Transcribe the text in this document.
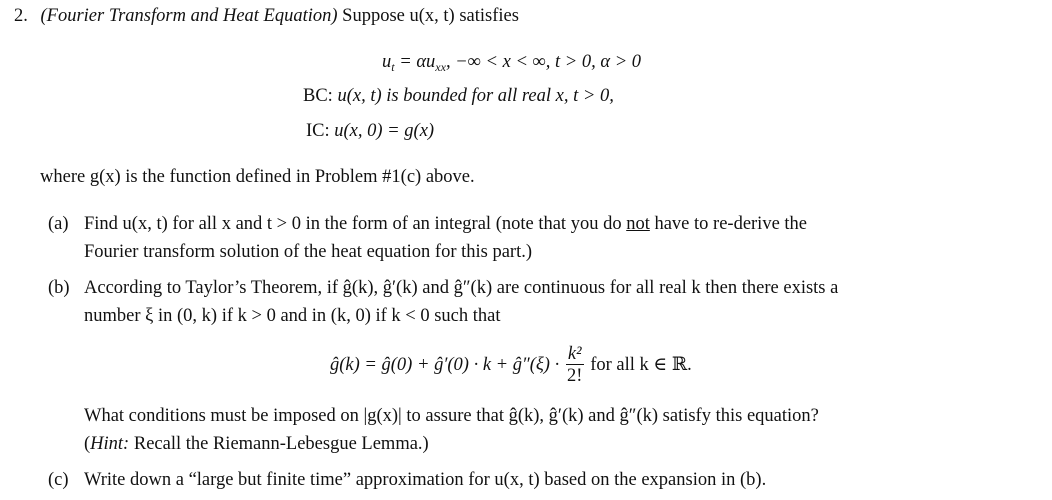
2. (Fourier Transform and Heat Equation) Suppose u(x, t) satisfies
$u_t = \alpha u_{xx}$, −∞ < x < ∞, t > 0, α > 0
BC: u(x, t) is bounded for all real x, t > 0,
IC: u(x, 0) = g(x)
where g(x) is the function defined in Problem #1(c) above.
(a) Find u(x, t) for all x and t > 0 in the form of an integral (note that you do not have to re-derive the
Fourier transform solution of the heat equation for this part.)
(b) According to Taylor’s Theorem, if ĝ(k), ĝ′(k) and ĝ″(k) are continuous for all real k then there exists a
number ξ in (0, k) if k > 0 and in (k, 0) if k < 0 such that
ĝ(k) = ĝ(0) + ĝ′(0) · k + ĝ″(ξ) · $\frac{\text{k²}}{2!}$ for all k ∈ ℝ.
What conditions must be imposed on |g(x)| to assure that ĝ(k), ĝ′(k) and ĝ″(k) satisfy this equation?
(Hint: Recall the Riemann-Lebesgue Lemma.)
(c) Write down a “large but finite time” approximation for u(x, t) based on the expansion in (b).
